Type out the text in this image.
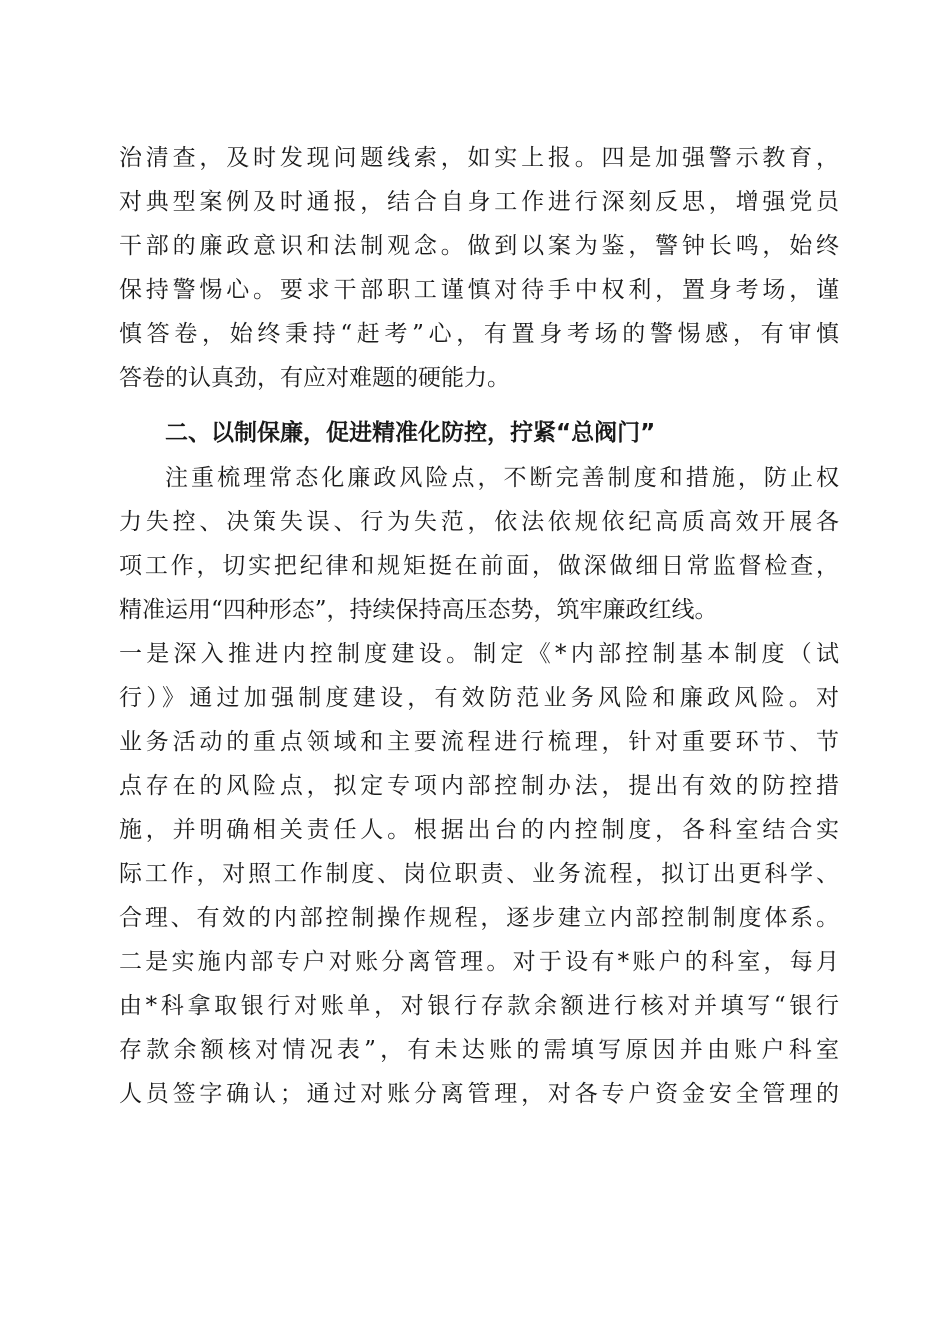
治清查，及时发现问题线索，如实上报。四是加强警示教育，
对典型案例及时通报，结合自身工作进行深刻反思，增强党员
干部的廉政意识和法制观念。做到以案为鉴，警钟长鸣，始终
保持警惕心。要求干部职工谨慎对待手中权利，置身考场，谨
慎答卷，始终秉持“赶考”心，有置身考场的警惕感，有审慎
答卷的认真劲，有应对难题的硬能力。
二、以制保廉，促进精准化防控，拧紧“总阀门”
注重梳理常态化廉政风险点，不断完善制度和措施，防止权
力失控、决策失误、行为失范，依法依规依纪高质高效开展各
项工作，切实把纪律和规矩挺在前面，做深做细日常监督检查，
精准运用“四种形态”，持续保持高压态势，筑牢廉政红线。
一是深入推进内控制度建设。制定《*内部控制基本制度（试
行）》通过加强制度建设，有效防范业务风险和廉政风险。对
业务活动的重点领域和主要流程进行梳理，针对重要环节、节
点存在的风险点，拟定专项内部控制办法，提出有效的防控措
施，并明确相关责任人。根据出台的内控制度，各科室结合实
际工作，对照工作制度、岗位职责、业务流程，拟订出更科学、
合理、有效的内部控制操作规程，逐步建立内部控制制度体系。
二是实施内部专户对账分离管理。对于设有*账户的科室，每月
由*科拿取银行对账单，对银行存款余额进行核对并填写“银行
存款余额核对情况表”，有未达账的需填写原因并由账户科室
人员签字确认；通过对账分离管理，对各专户资金安全管理的
